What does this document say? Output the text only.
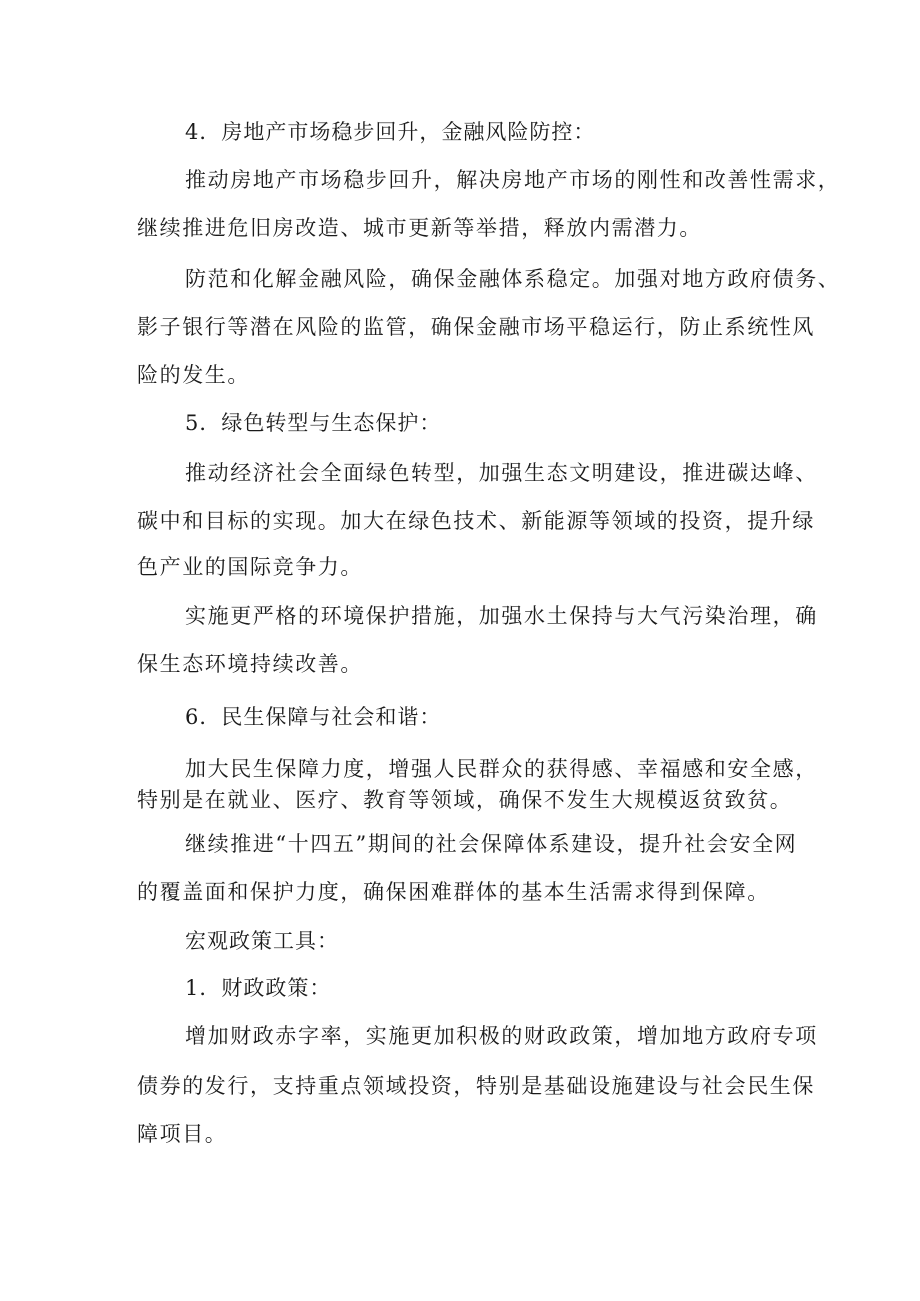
4．房地产市场稳步回升，金融风险防控：
推动房地产市场稳步回升，解决房地产市场的刚性和改善性需求，
继续推进危旧房改造、城市更新等举措，释放内需潜力。
防范和化解金融风险，确保金融体系稳定。加强对地方政府债务、
影子银行等潜在风险的监管，确保金融市场平稳运行，防止系统性风
险的发生。
5．绿色转型与生态保护：
推动经济社会全面绿色转型，加强生态文明建设，推进碳达峰、
碳中和目标的实现。加大在绿色技术、新能源等领域的投资，提升绿
色产业的国际竞争力。
实施更严格的环境保护措施，加强水土保持与大气污染治理，确
保生态环境持续改善。
6．民生保障与社会和谐：
加大民生保障力度，增强人民群众的获得感、幸福感和安全感，
特别是在就业、医疗、教育等领域，确保不发生大规模返贫致贫。
继续推进“十四五”期间的社会保障体系建设，提升社会安全网
的覆盖面和保护力度，确保困难群体的基本生活需求得到保障。
宏观政策工具：
1．财政政策：
增加财政赤字率，实施更加积极的财政政策，增加地方政府专项
债券的发行，支持重点领域投资，特别是基础设施建设与社会民生保
障项目。
